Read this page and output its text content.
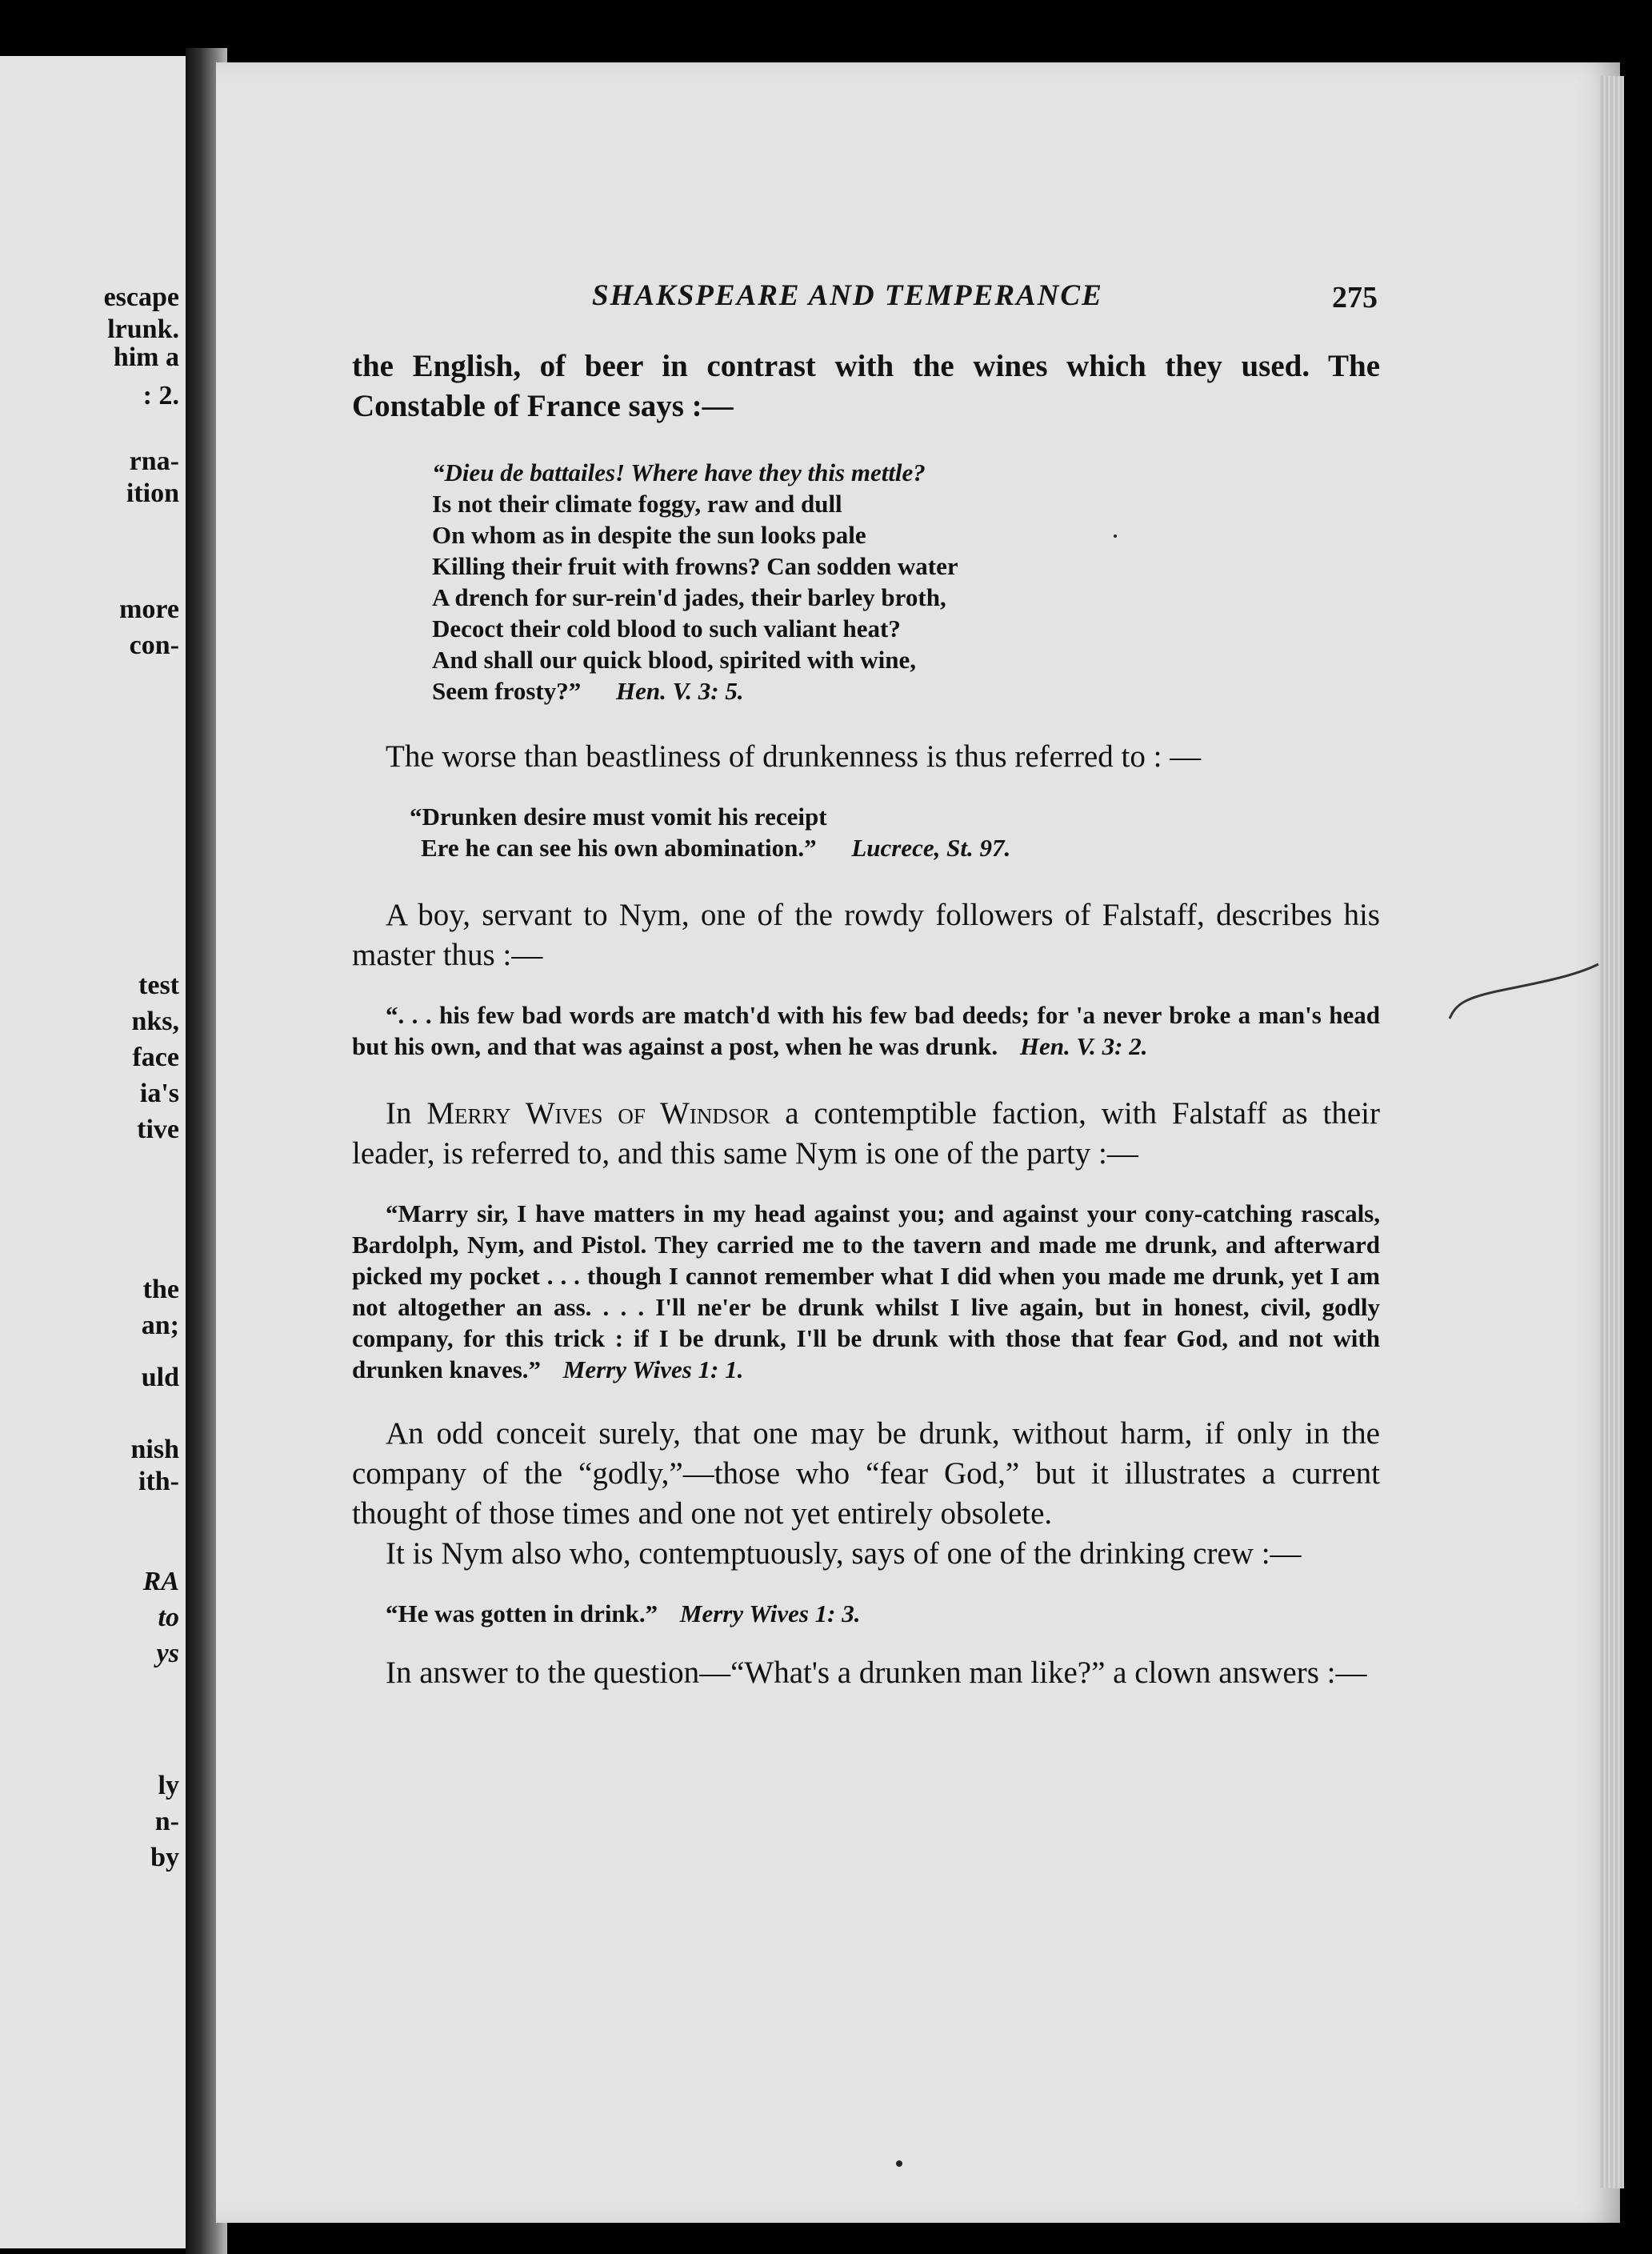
escape
lrunk.
him a
: 2.
rna-
ition
more
con-
test
nks,
face
ia's
tive
the
an;
uld
nish
ith-
RA
to
ys
ly
n-
by
SHAKSPEARE AND TEMPERANCE	275

the English, of beer in contrast with the wines which they used. The Constable of France says :—

“Dieu de battailes! Where have they this mettle?
Is not their climate foggy, raw and dull
On whom as in despite the sun looks pale
Killing their fruit with frowns? Can sodden water
A drench for sur-rein'd jades, their barley broth,
Decoct their cold blood to such valiant heat?
And shall our quick blood, spirited with wine,
Seem frosty?” Hen. V. 3: 5.

The worse than beastliness of drunkenness is thus referred to : —

“Drunken desire must vomit his receipt
Ere he can see his own abomination.” Lucrece, St. 97.

A boy, servant to Nym, one of the rowdy followers of Falstaff, describes his master thus :—

“. . . his few bad words are match'd with his few bad deeds; for 'a never broke a man's head but his own, and that was against a post, when he was drunk. Hen. V. 3: 2.

In Merry Wives of Windsor a contemptible faction, with Falstaff as their leader, is referred to, and this same Nym is one of the party :—

“Marry sir, I have matters in my head against you; and against your cony-catching rascals, Bardolph, Nym, and Pistol. They carried me to the tavern and made me drunk, and afterward picked my pocket . . . though I cannot remember what I did when you made me drunk, yet I am not altogether an ass. . . . I'll ne'er be drunk whilst I live again, but in honest, civil, godly company, for this trick : if I be drunk, I'll be drunk with those that fear God, and not with drunken knaves.” Merry Wives 1: 1.

An odd conceit surely, that one may be drunk, without harm, if only in the company of the “godly,”—those who “fear God,” but it illustrates a current thought of those times and one not yet entirely obsolete.

It is Nym also who, contemptuously, says of one of the drinking crew :—

“He was gotten in drink.” Merry Wives 1: 3.

In answer to the question—“What's a drunken man like?” a clown answers :—
